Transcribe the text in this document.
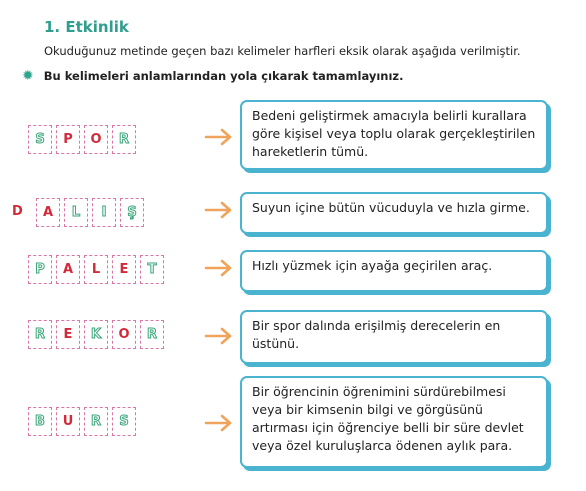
1. Etkinlik
Okuduğunuz metinde geçen bazı kelimeler harfleri eksik olarak aşağıda verilmiştir.
✹ Bu kelimeleri anlamlarından yola çıkarak tamamlayınız.
S	P	O	R
Bedeni geliştirmek amacıyla belirli kurallara göre kişisel veya toplu olarak gerçekleştirilen hareketlerin tümü.
D	A	L	I	Ş	Suyun içine bütün vücuduyla ve hızla girme.
P	A	L	E	T	Hızlı yüzmek için ayağa geçirilen araç.
R	E	K	O	R
Bir spor dalında erişilmiş derecelerin en üstünü.
B	U	R	S
Bir öğrencinin öğrenimini sürdürebilmesi veya bir kimsenin bilgi ve görgüsünü artırması için öğrenciye belli bir süre devlet veya özel kuruluşlarca ödenen aylık para.
